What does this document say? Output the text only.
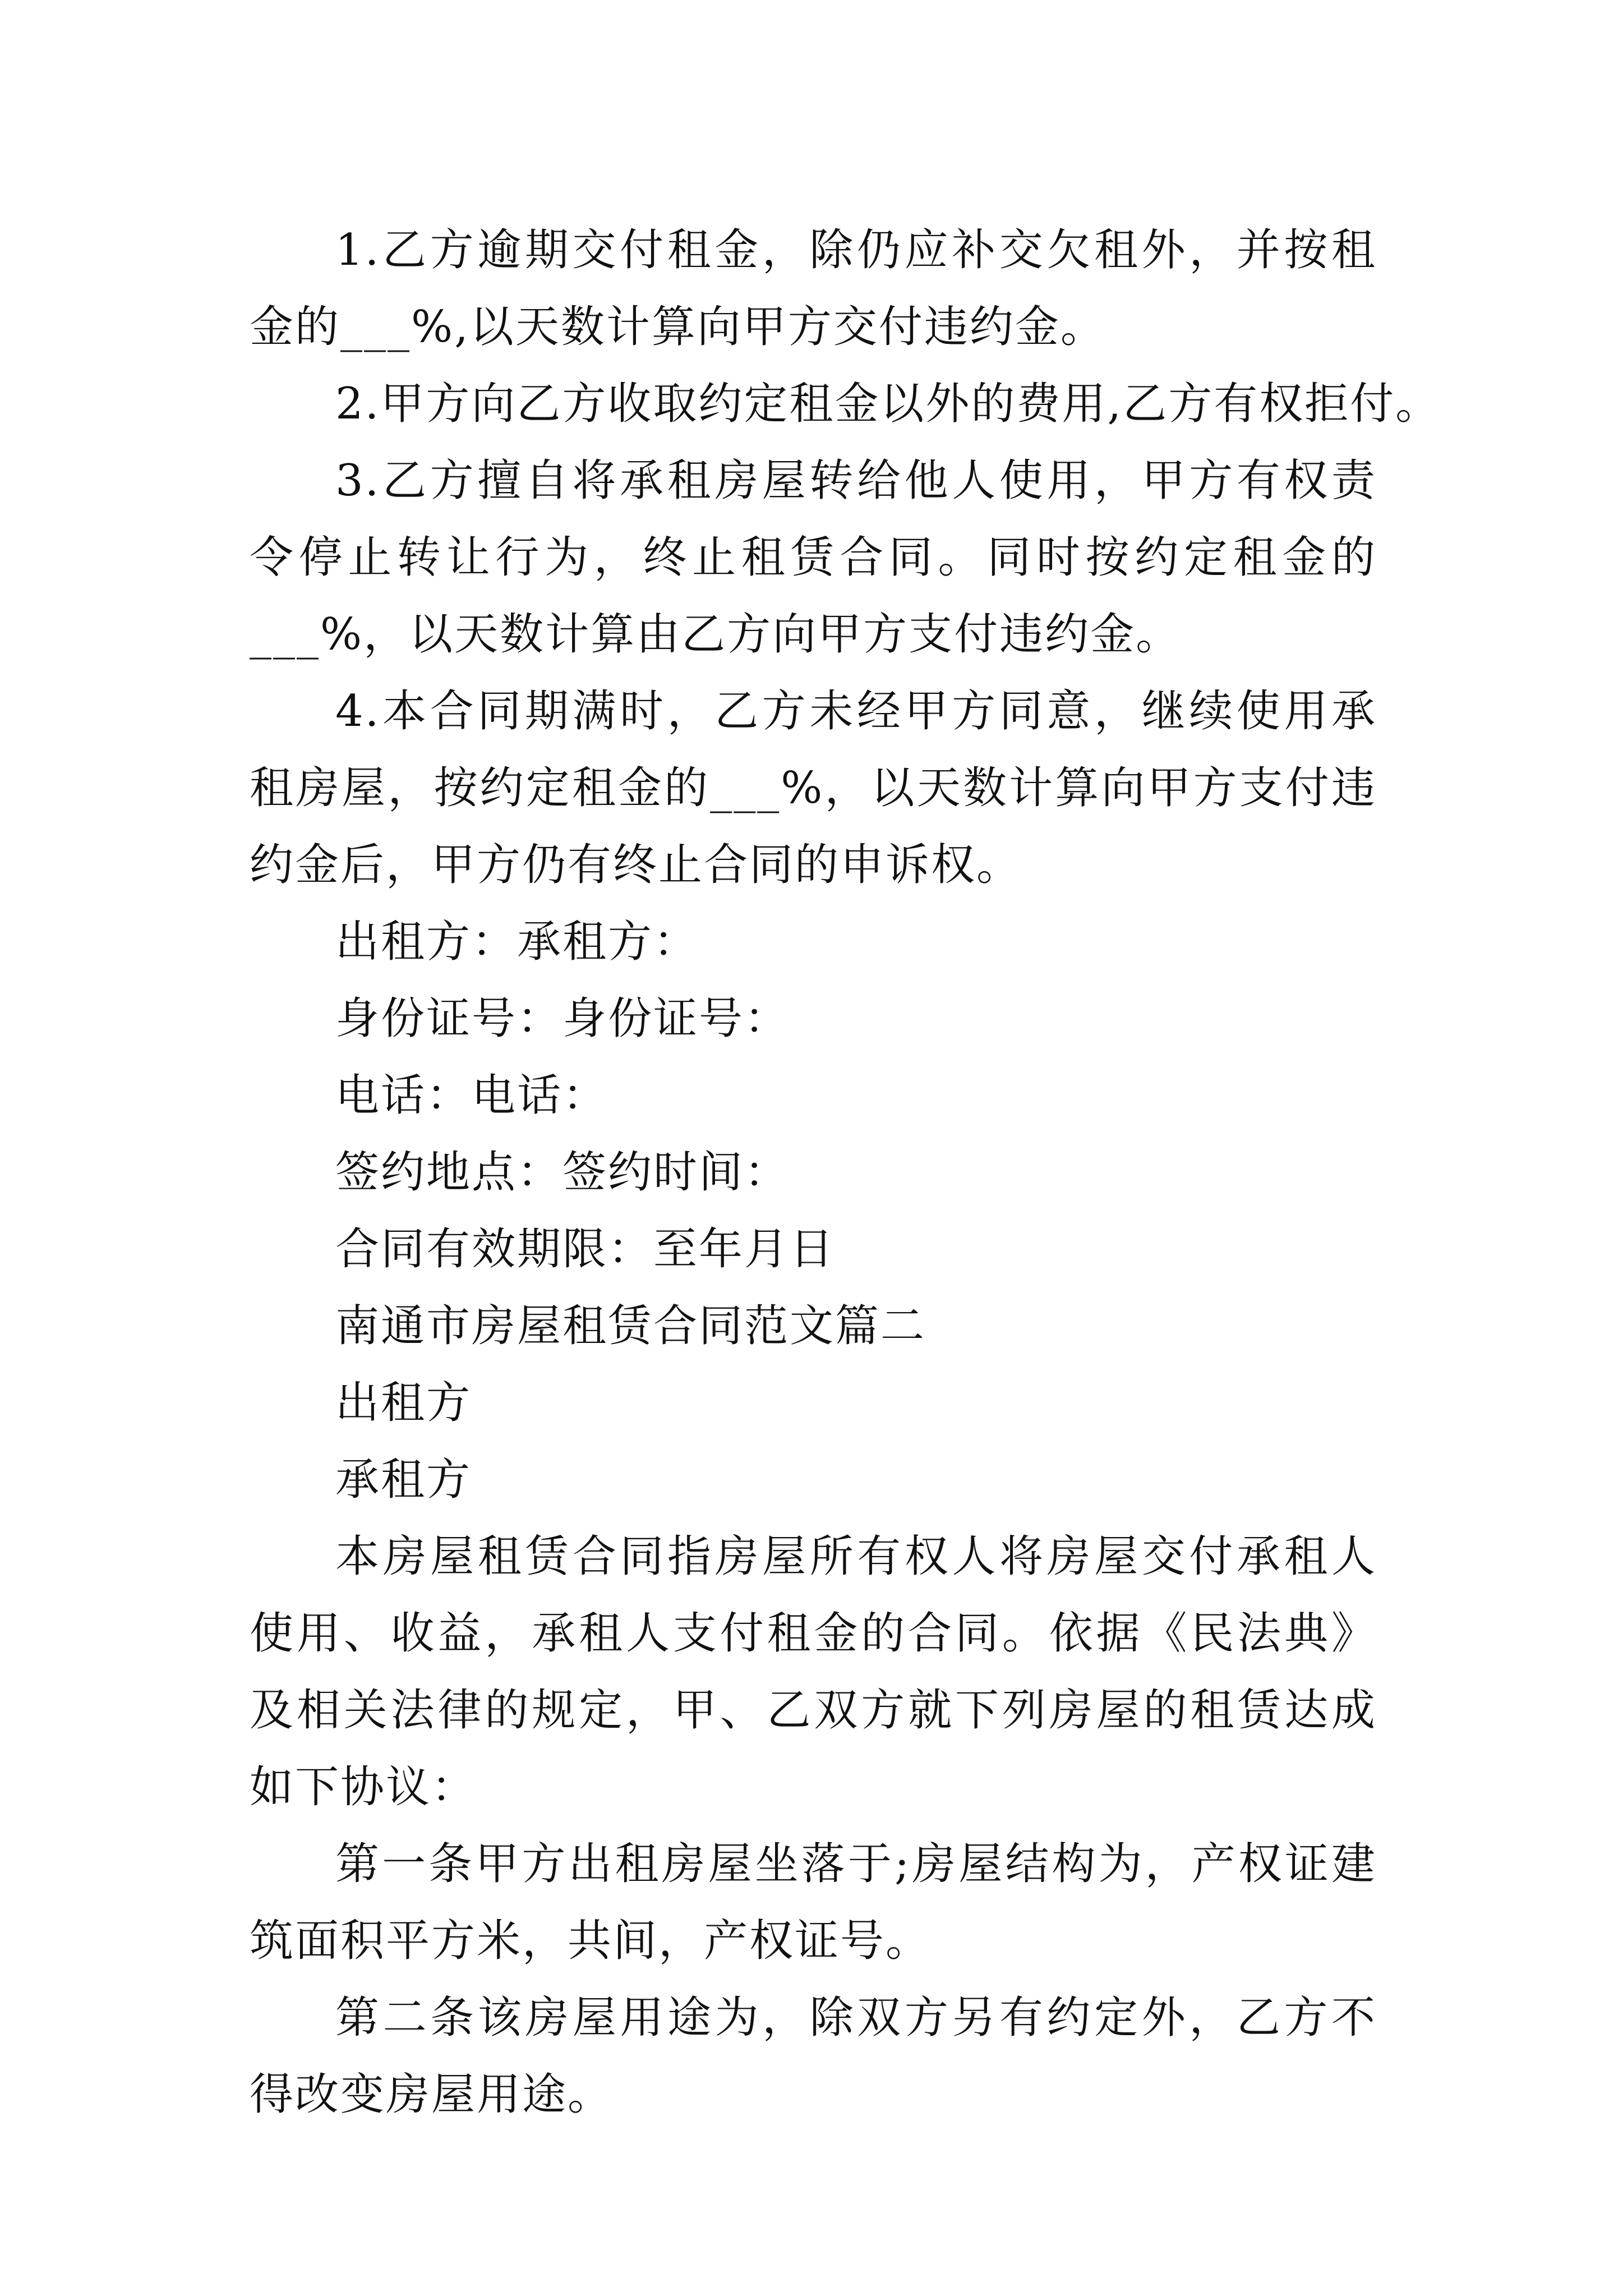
1.乙方逾期交付租金，除仍应补交欠租外，并按租金的___%,以天数计算向甲方交付违约金。

2.甲方向乙方收取约定租金以外的费用,乙方有权拒付。

3.乙方擅自将承租房屋转给他人使用，甲方有权责令停止转让行为，终止租赁合同。同时按约定租金的___%，以天数计算由乙方向甲方支付违约金。

4.本合同期满时，乙方未经甲方同意，继续使用承租房屋，按约定租金的___%，以天数计算向甲方支付违约金后，甲方仍有终止合同的申诉权。

出租方：承租方：

身份证号：身份证号：

电话：电话：

签约地点：签约时间：

合同有效期限：至年月日

南通市房屋租赁合同范文篇二

出租方

承租方

本房屋租赁合同指房屋所有权人将房屋交付承租人使用、收益，承租人支付租金的合同。依据《民法典》及相关法律的规定，甲、乙双方就下列房屋的租赁达成如下协议：

第一条甲方出租房屋坐落于;房屋结构为，产权证建筑面积平方米，共间，产权证号。

第二条该房屋用途为，除双方另有约定外，乙方不得改变房屋用途。
